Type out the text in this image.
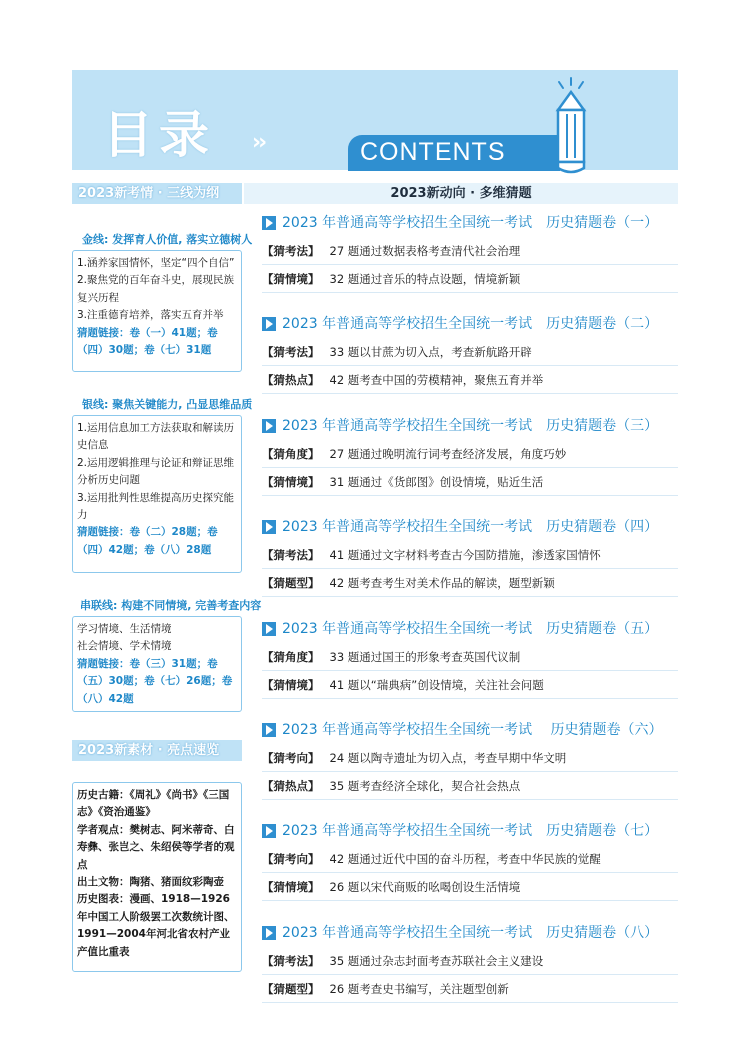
目录 ››	CONTENTS
2023新考情 · 三线为纲	2023新动向 · 多维猜题
金线: 发挥育人价值, 落实立德树人

1.涵养家国情怀，坚定“四个自信”

2.聚焦党的百年奋斗史，展现民族复兴历程

3.注重德育培养，落实五育并举

猜题链接：卷（一）41题；卷（四）30题；卷（七）31题

银线: 聚焦关键能力, 凸显思维品质

1.运用信息加工方法获取和解读历史信息

2.运用逻辑推理与论证和辩证思维分析历史问题

3.运用批判性思维提高历史探究能力

猜题链接：卷（二）28题；卷（四）42题；卷（八）28题

串联线: 构建不同情境, 完善考查内容

学习情境、生活情境

社会情境、学术情境

猜题链接：卷（三）31题；卷（五）30题；卷（七）26题；卷（八）42题

2023新素材 · 亮点速览

历史古籍：《周礼》《尚书》《三国志》《资治通鉴》

学者观点：樊树志、阿米蒂奇、白寿彝、张岂之、朱绍侯等学者的观点

出土文物：陶猪、猪面纹彩陶壶

历史图表：漫画、1918—1926年中国工人阶级罢工次数统计图、1991—2004年河北省农村产业产值比重表

2023 年普通高等学校招生全国统一考试　历史猜题卷（一）
【猜考法】 27 题通过数据表格考查清代社会治理
【猜情境】 32 题通过音乐的特点设题，情境新颖
2023 年普通高等学校招生全国统一考试　历史猜题卷（二）
【猜考法】 33 题以甘蔗为切入点，考查新航路开辟
【猜热点】 42 题考查中国的劳模精神，聚焦五育并举
2023 年普通高等学校招生全国统一考试　历史猜题卷（三）
【猜角度】 27 题通过晚明流行词考查经济发展，角度巧妙
【猜情境】 31 题通过《货郎图》创设情境，贴近生活
2023 年普通高等学校招生全国统一考试　历史猜题卷（四）
【猜考法】 41 题通过文字材料考查古今国防措施，渗透家国情怀
【猜题型】 42 题考查考生对美术作品的解读，题型新颖
2023 年普通高等学校招生全国统一考试　历史猜题卷（五）
【猜角度】 33 题通过国王的形象考查英国代议制
【猜情境】 41 题以“瑞典病”创设情境，关注社会问题
2023 年普通高等学校招生全国统一考试　 历史猜题卷（六）
【猜考向】 24 题以陶寺遗址为切入点，考查早期中华文明
【猜热点】 35 题考查经济全球化，契合社会热点
2023 年普通高等学校招生全国统一考试　历史猜题卷（七）
【猜考向】 42 题通过近代中国的奋斗历程，考查中华民族的觉醒
【猜情境】 26 题以宋代商贩的吆喝创设生活情境
2023 年普通高等学校招生全国统一考试　历史猜题卷（八）
【猜考法】 35 题通过杂志封面考查苏联社会主义建设
【猜题型】 26 题考查史书编写，关注题型创新
